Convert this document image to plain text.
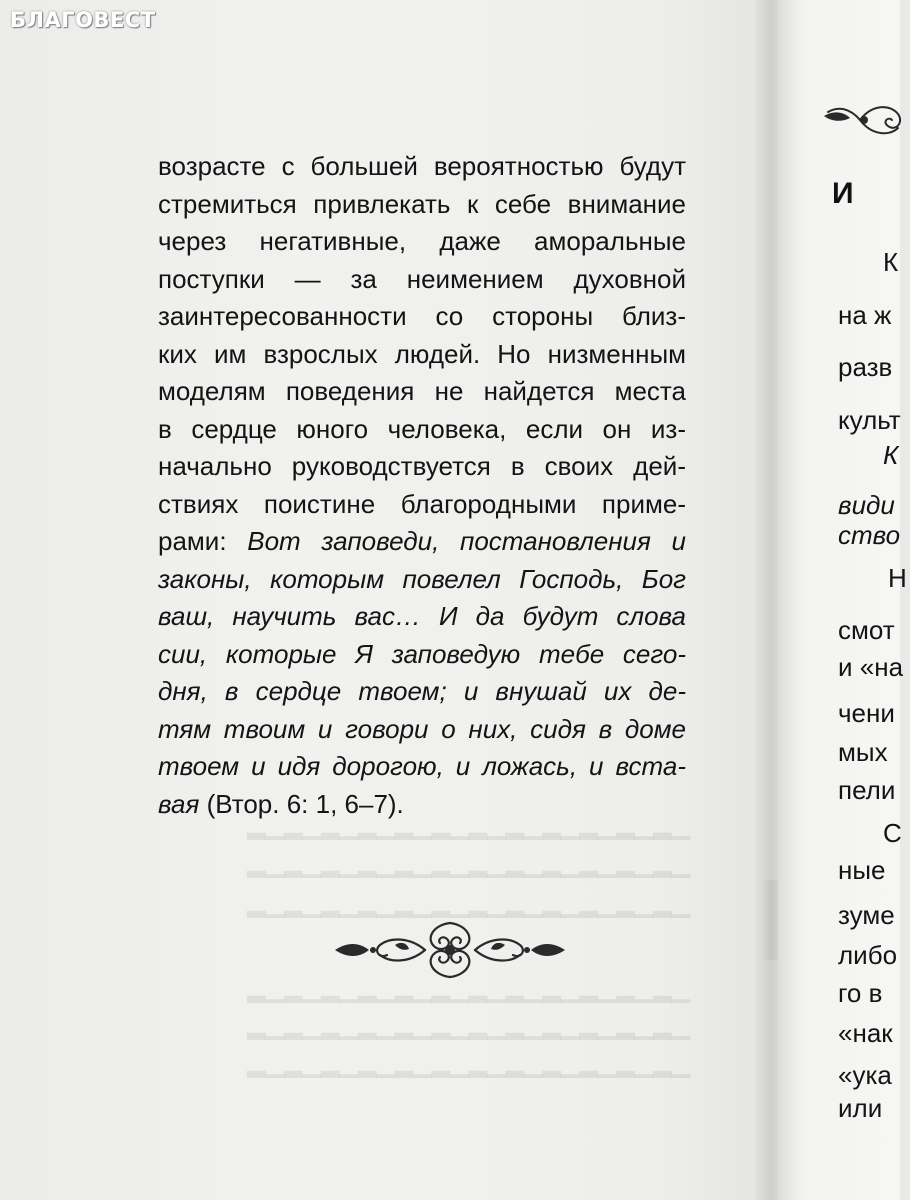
БЛАГОВЕСТ
▁▂▁▂▁▂▁▂▁▂▁▂▁▂▁▂▁▂▁▂▁▂▁▂
▁▂▁▂▁▂▁▂▁▂▁▂▁▂▁▂▁▂▁▂▁▂▁▂
▁▂▁▂▁▂▁▂▁▂▁▂▁▂▁▂▁▂▁▂▁▂▁▂
▁▂▁▂▁▂▁▂▁▂▁▂▁▂▁▂▁▂▁▂▁▂▁▂
▁▂▁▂▁▂▁▂▁▂▁▂▁▂▁▂▁▂▁▂▁▂▁▂
▁▂▁▂▁▂▁▂▁▂▁▂▁▂▁▂▁▂▁▂▁▂▁▂
возрасте с большей вероятностью будут
стремиться привлекать к себе внимание
через негативные, даже аморальные
поступки — за неимением духовной
заинтересованности со стороны близ-
ких им взрослых людей. Но низменным
моделям поведения не найдется места
в сердце юного человека, если он из-
начально руководствуется в своих дей-
ствиях поистине благородными приме-
рами: Вот заповеди, постановления и
законы, которым повелел Господь, Бог
ваш, научить вас… И да будут слова
сии, которые Я заповедую тебе сего-
дня, в сердце твоем; и внушай их де-
тям твоим и говори о них, сидя в доме
твоем и идя дорогою, и ложась, и вста-
вая (Втор. 6: 1, 6–7).
И
К
на ж
разв
культ
К
види
ство
Н
смот
и «на
чени
мых
пели
С
ные
зуме
либо
го в
«нак
«ука
или
